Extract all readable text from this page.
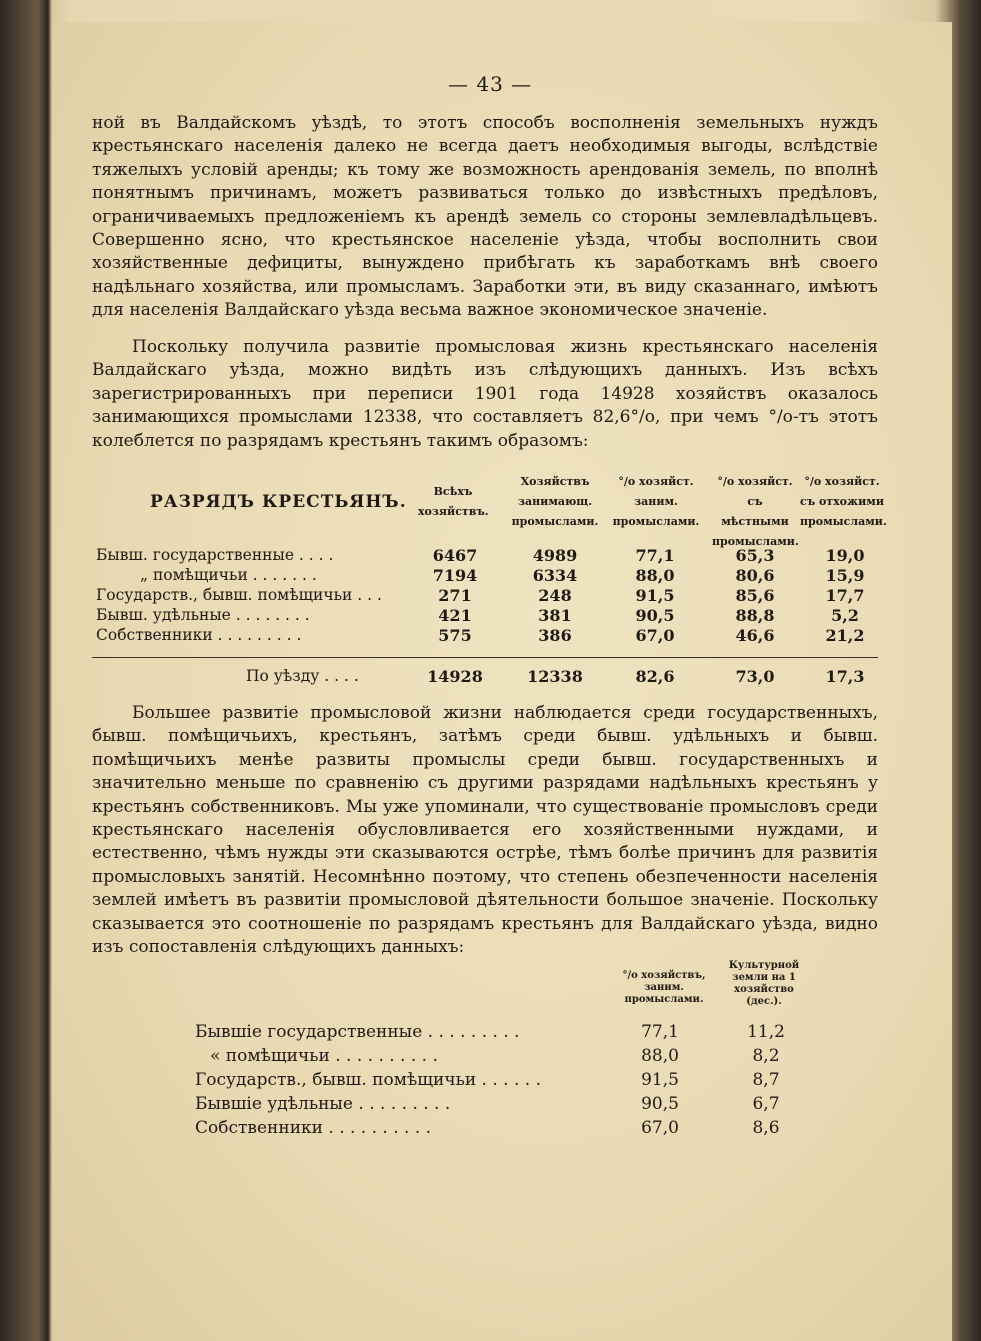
— 43 —

ной въ Валдайскомъ уѣздѣ, то этотъ способъ восполненія земельныхъ нуждъ крестьянскаго населенія далеко не всегда даетъ необходимыя выгоды, вслѣдствіе тяжелыхъ условій аренды; къ тому же возможность арендованія земель, по вполнѣ понятнымъ причинамъ, можетъ развиваться только до извѣстныхъ предѣловъ, ограничиваемыхъ предложеніемъ къ арендѣ земель со стороны землевладѣльцевъ. Совершенно ясно, что крестьянское населеніе уѣзда, чтобы восполнить свои хозяйственные дефициты, вынуждено прибѣгать къ заработкамъ внѣ своего надѣльнаго хозяйства, или промысламъ. Заработки эти, въ виду сказаннаго, имѣютъ для населенія Валдайскаго уѣзда весьма важное экономическое значеніе.

Поскольку получила развитіе промысловая жизнь крестьянскаго населенія Валдайскаго уѣзда, можно видѣть изъ слѣдующихъ данныхъ. Изъ всѣхъ зарегистрированныхъ при переписи 1901 года 14928 хозяйствъ оказалось занимающихся промыслами 12338, что составляетъ 82,6°/о, при чемъ °/о-тъ этотъ колеблется по разрядамъ крестьянъ такимъ образомъ:

РАЗРЯДЪ КРЕСТЬЯНЪ.
Всѣхъ хозяйствъ.
Хозяйствъ занимающ. промыслами.
°/о хозяйст. заним. промыслами.
°/о хозяйст. съ мѣстными промыслами.
°/о хозяйст. съ отхожими промыслами.
Бывш. государственные . . . .	6467	4989	77,1	65,3	19,0
„ помѣщичьи . . . . . . .	7194	6334	88,0	80,6	15,9
Государств., бывш. помѣщичьи . . .	271	248	91,5	85,6	17,7
Бывш. удѣльные . . . . . . . .	421	381	90,5	88,8	5,2
Собственники . . . . . . . . .	575	386	67,0	46,6	21,2
По уѣзду . . . .	14928	12338	82,6	73,0	17,3

Большее развитіе промысловой жизни наблюдается среди государственныхъ, бывш. помѣщичьихъ, крестьянъ, затѣмъ среди бывш. удѣльныхъ и бывш. помѣщичьихъ менѣе развиты промыслы среди бывш. государственныхъ и значительно меньше по сравненію съ другими разрядами надѣльныхъ крестьянъ у крестьянъ собственниковъ. Мы уже упоминали, что существованіе промысловъ среди крестьянскаго населенія обусловливается его хозяйственными нуждами, и естественно, чѣмъ нужды эти сказываются острѣе, тѣмъ болѣе причинъ для развитія промысловыхъ занятій. Несомнѣнно поэтому, что степень обезпеченности населенія землей имѣетъ въ развитіи промысловой дѣятельности большое значеніе. Поскольку сказывается это соотношеніе по разрядамъ крестьянъ для Валдайскаго уѣзда, видно изъ сопоставленія слѣдующихъ данныхъ:

°/о хозяйствъ, заним. промыслами.
Культурной земли на 1 хозяйство (дес.).
Бывшіе государственные . . . . . . . . .	77,1	11,2
« помѣщичьи . . . . . . . . . .	88,0	8,2
Государств., бывш. помѣщичьи . . . . . .	91,5	8,7
Бывшіе удѣльные . . . . . . . . .	90,5	6,7
Собственники . . . . . . . . . .	67,0	8,6
